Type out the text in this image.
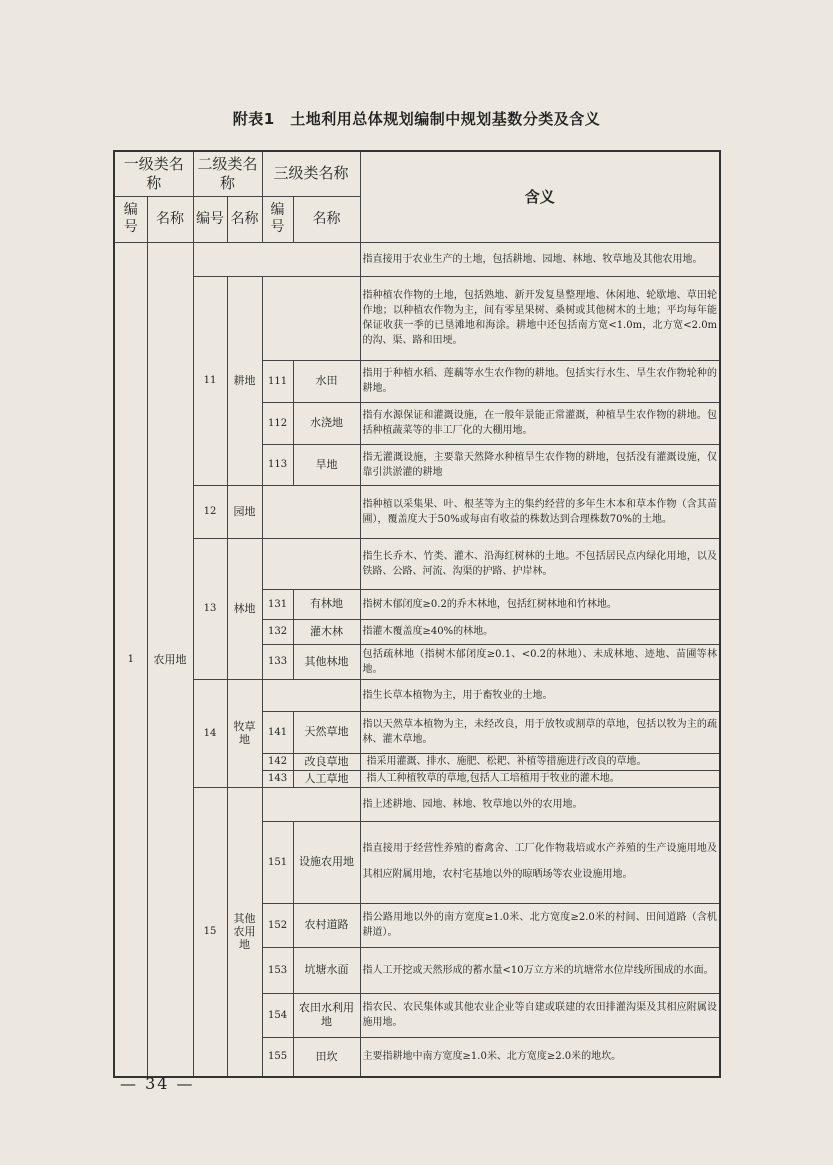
附表1　土地利用总体规划编制中规划基数分类及含义
一级类名称		二级类名称		三级类名称		含义
编号	名称	编号	名称	编号	名称	
1	农用地					指直接用于农业生产的土地，包括耕地、园地、林地、牧草地及其他农用地。
		11	耕地			指种植农作物的土地，包括熟地、新开发复垦整理地、休闲地、轮歇地、草田轮作地；以种植农作物为主，间有零星果树、桑树或其他树木的土地；平均每年能保证收获一季的已垦滩地和海涂。耕地中还包括南方宽<1.0m，北方宽<2.0m的沟、渠、路和田埂。
				111	水田	指用于种植水稻、莲藕等水生农作物的耕地。包括实行水生、旱生农作物轮种的耕地。
				112	水浇地	指有水源保证和灌溉设施，在一般年景能正常灌溉，种植旱生农作物的耕地。包括种植蔬菜等的非工厂化的大棚用地。
				113	旱地	指无灌溉设施，主要靠天然降水种植旱生农作物的耕地，包括没有灌溉设施，仅靠引洪淤灌的耕地
		12	园地			指种植以采集果、叶、根茎等为主的集约经营的多年生木本和草本作物（含其苗圃），覆盖度大于50%或每亩有收益的株数达到合理株数70%的土地。
		13	林地			指生长乔木、竹类、灌木、沿海红树林的土地。不包括居民点内绿化用地，以及铁路、公路、河流、沟渠的护路、护岸林。
				131	有林地	指树木郁闭度≥0.2的乔木林地，包括红树林地和竹林地。
				132	灌木林	指灌木覆盖度≥40%的林地。
				133	其他林地	包括疏林地（指树木郁闭度≥0.1、<0.2的林地）、未成林地、迹地、苗圃等林地。
		14	牧草地			指生长草本植物为主，用于畜牧业的土地。
				141	天然草地	指以天然草本植物为主，未经改良，用于放牧或割草的草地，包括以牧为主的疏林、灌木草地。
				142	改良草地	指采用灌溉、排水、施肥、松耙、补植等措施进行改良的草地。
				143	人工草地	指人工种植牧草的草地,包括人工培植用于牧业的灌木地。
		15	其他农用地			指上述耕地、园地、林地、牧草地以外的农用地。
				151	设施农用地	指直接用于经营性养殖的畜禽舍、工厂化作物栽培或水产养殖的生产设施用地及其相应附属用地，农村宅基地以外的晾晒场等农业设施用地。
				152	农村道路	指公路用地以外的南方宽度≥1.0米、北方宽度≥2.0米的村间、田间道路（含机耕道）。
				153	坑塘水面	指人工开挖或天然形成的蓄水量<10万立方米的坑塘常水位岸线所围成的水面。
				154	农田水利用地	指农民、农民集体或其他农业企业等自建或联建的农田排灌沟渠及其相应附属设施用地。
				155	田坎	主要指耕地中南方宽度≥1.0米、北方宽度≥2.0米的地坎。
— 34 —
